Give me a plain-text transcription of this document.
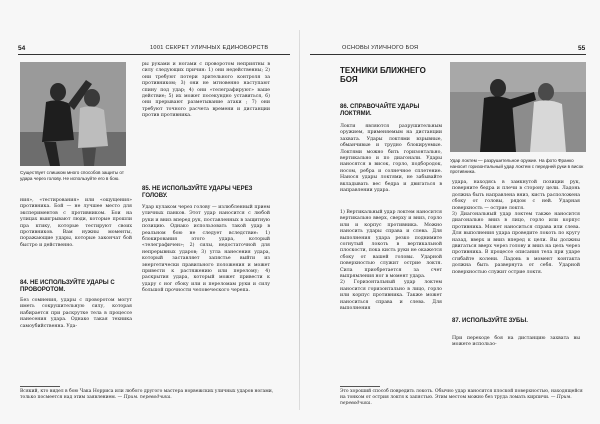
54	1001 СЕКРЕТ УЛИЧНЫХ ЕДИНОБОРСТВ
Существует слишком много способов защиты от удара через голову. Не используйте его в бою.
ния», «тестирования» или «ощущения» противника. Бой — не лучшее место для экспериментов с противником. Бои на улицах выигрывают люди, которые прошли пра ктику, которые тестируют своих противников. Вам нужны моменты, поражающие удары, которые закончат бой быстро и действенно.
84. НЕ ИСПОЛЬЗУЙТЕ УДАРЫ С ПРОВОРОТОМ.
Без сомнения, удары с проворотом могут иметь сокрушительную силу, которая набирается при раскрутке тела в процессе нанесения удара. Однако такая техника самоубийственна. Уда-
ры руками и ногами с проворотом неприятны в силу следующих причин: 1) они недейственны; 2) они требуют потери зрительного контроля за противником; 3) они не мгновенно наступают спину под удар; 4) они «телеграфируют» ваше действие; 5) их может посекундно уставиться, 6) они прерывают разметывание атаки ; 7) они требуют точного расчета времени и дистанции против противника.
85. НЕ ИСПОЛЬЗУЙТЕ УДАРЫ ЧЕРЕЗ ГОЛОВУ.
Удар кулаком через голову — излюбленный прием уличных панков. Этот удар наносится с любой руки и вниз вперед рук, поставленных в защитную позицию. Однако использовать такой удар в реальном бою не следует вследствие: 1) блокирования этого удара, который «телеграфичен»; 2) силы, недостаточной для непрерывных ударов; 3) угла нанесения удара, который заставляет запястье выйти из энергетически правильного положения и может привести к растяжению или перелому; 4) раскрытия удара, который может привести к удару с ног сбоку или и переломам руки и силу большой прочности человеческого черепа.
Всякий, кто видел в бою Чака Норриса или любого другого мастера норвежских уличных ударов ногами, только посмеется над этим заявлением. — Прим. переводчика.
ОСНОВЫ УЛИЧНОГО БОЯ	55
ТЕХНИКИ БЛИЖНЕГО БОЯ
Удар локтем — разрушительное оружие. На фото Франко наносит горизонтальный удар локтем с передней руки в висок противника.
86. СПРАВОЧАЙТЕ УДАРЫ ЛОКТЯМИ.
Локти являются разрушительным оружием, применяемым на дистанции захвата. Удары локтями взрывные, обманчивые и трудно блокируемые. Локтями можно бить горизонтально, вертикально и по диагонали. Удары наносятся в висок, горло, подбородок, носом, ребра и солнечное сплетение. Нанося удары локтями, не забывайте вкладывать вес бедра и двигаться в направлении удара.
1) Вертикальный удар локтем наносится вертикально вверх, сверху и вниз, горло или и корпус противника. Можно наносить удары справа и слева. Для выполнения удара резко поднимите согнутый локоть в вертикальной плоскости, пока кисть руки не окажется сбоку от вашей головы. Ударной поверхностью служит острие локтя. Сила приобретается за счет выпрямления ног в момент удара.
2) Горизонтальный удар локтем наносится горизонтально в лицо, горло или корпус противника. Также может наноситься справа и слева. Для выполнения
удара, находясь в замкнутой позиции рук, поверните бедра и плечи в сторону цели. Ладонь должна быть направлена вниз, кисть расположена сбоку от головы, рядом с ней. Ударная поверхность — острие локтя.
3) Диагональный удар локтем также наносится диагонально вниз в лицо, горло или корпус противника. Может наноситься справа или слева. Для выполнения удара проведите локоть по кругу назад, вверх и вниз вперед к цели. Вы должны двигаться вверх через голову и вниз на цель через противника. В процессе описания тела при ударе сгибайте колени. Ладонь в момент контакта должна быть развернута от себя. Ударной поверхностью служит острие локтя.
87. ИСПОЛЬЗУЙТЕ ЗУБЫ.
При переходе боя на дистанцию захвата вы можете использо-
Это хороший способ повредить локоть. Обычно удар наносится плоской поверхностью, находящейся на тонком от острия локтя к запястью. Этим местом можно без труда ломать кирпичи. — Прим. переводчика.
